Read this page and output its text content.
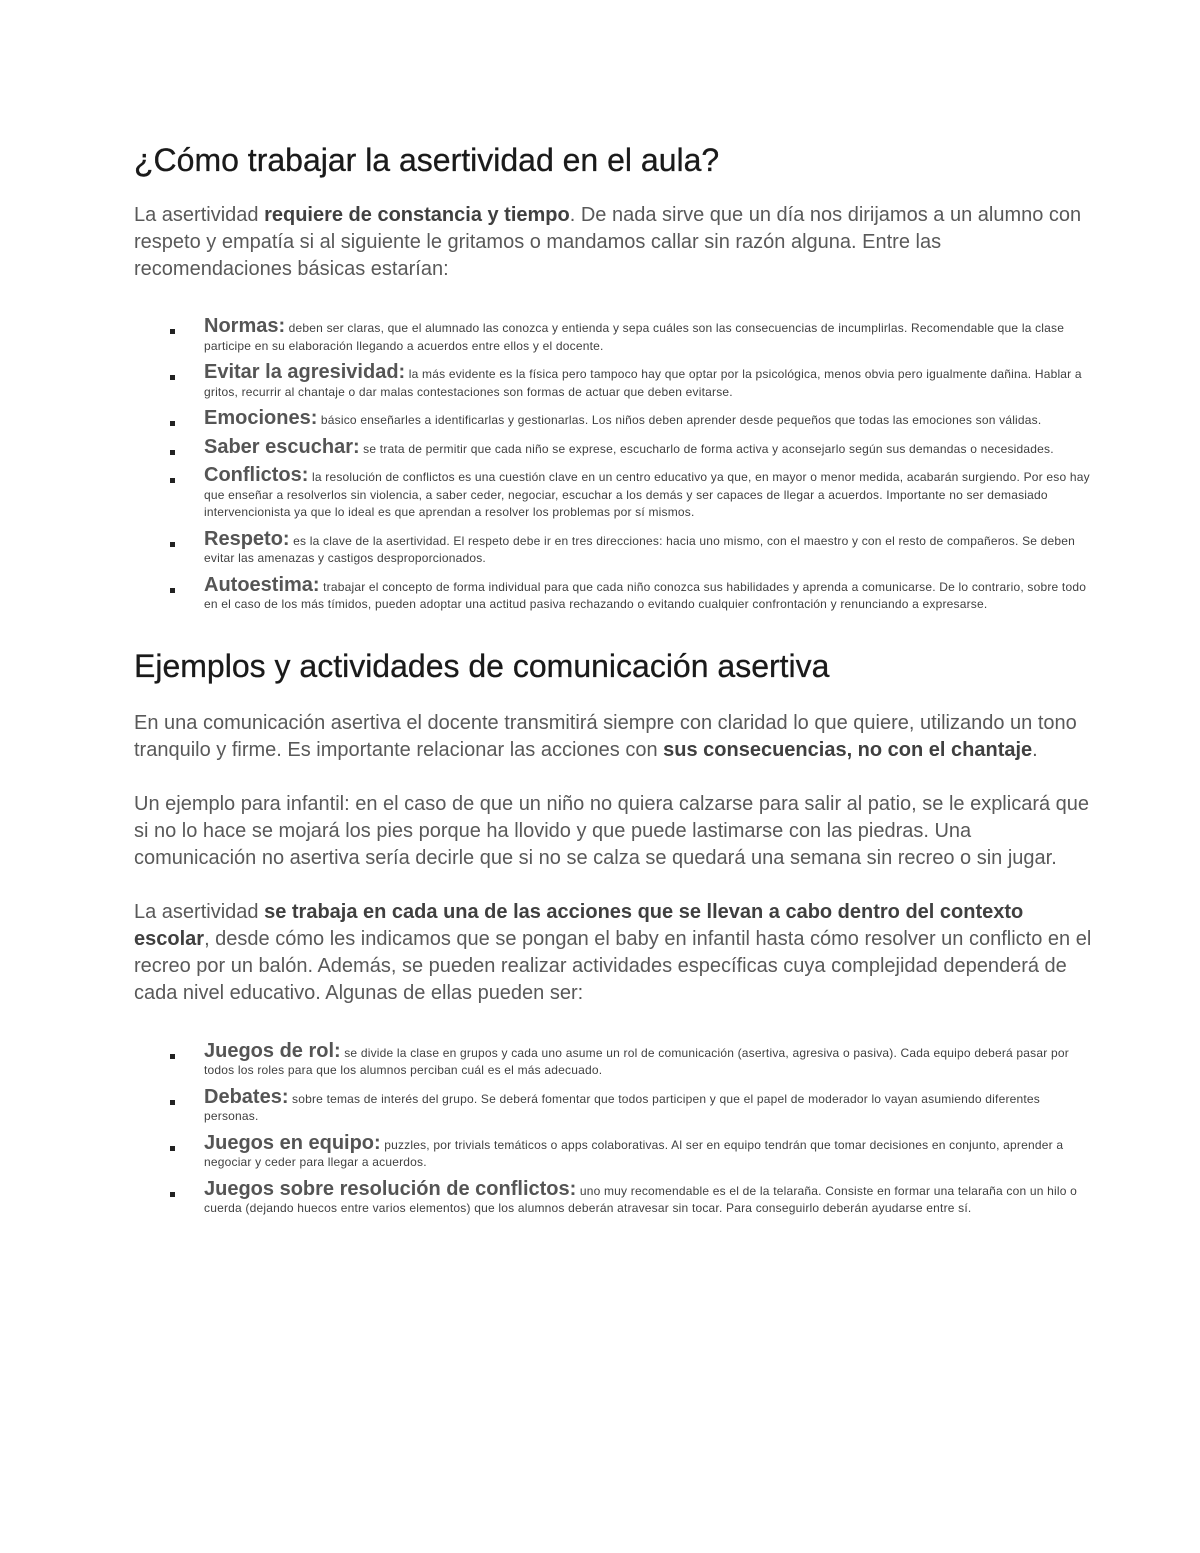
¿Cómo trabajar la asertividad en el aula?

La asertividad requiere de constancia y tiempo. De nada sirve que un día nos dirijamos a un alumno con respeto y empatía si al siguiente le gritamos o mandamos callar sin razón alguna. Entre las recomendaciones básicas estarían:

Normas: deben ser claras, que el alumnado las conozca y entienda y sepa cuáles son las consecuencias de incumplirlas. Recomendable que la clase participe en su elaboración llegando a acuerdos entre ellos y el docente.
Evitar la agresividad: la más evidente es la física pero tampoco hay que optar por la psicológica, menos obvia pero igualmente dañina. Hablar a gritos, recurrir al chantaje o dar malas contestaciones son formas de actuar que deben evitarse.
Emociones: básico enseñarles a identificarlas y gestionarlas. Los niños deben aprender desde pequeños que todas las emociones son válidas.
Saber escuchar: se trata de permitir que cada niño se exprese, escucharlo de forma activa y aconsejarlo según sus demandas o necesidades.
Conflictos: la resolución de conflictos es una cuestión clave en un centro educativo ya que, en mayor o menor medida, acabarán surgiendo. Por eso hay que enseñar a resolverlos sin violencia, a saber ceder, negociar, escuchar a los demás y ser capaces de llegar a acuerdos. Importante no ser demasiado intervencionista ya que lo ideal es que aprendan a resolver los problemas por sí mismos.
Respeto: es la clave de la asertividad. El respeto debe ir en tres direcciones: hacia uno mismo, con el maestro y con el resto de compañeros. Se deben evitar las amenazas y castigos desproporcionados.
Autoestima: trabajar el concepto de forma individual para que cada niño conozca sus habilidades y aprenda a comunicarse. De lo contrario, sobre todo en el caso de los más tímidos, pueden adoptar una actitud pasiva rechazando o evitando cualquier confrontación y renunciando a expresarse.
Ejemplos y actividades de comunicación asertiva

En una comunicación asertiva el docente transmitirá siempre con claridad lo que quiere, utilizando un tono tranquilo y firme. Es importante relacionar las acciones con sus consecuencias, no con el chantaje.

Un ejemplo para infantil: en el caso de que un niño no quiera calzarse para salir al patio, se le explicará que si no lo hace se mojará los pies porque ha llovido y que puede lastimarse con las piedras. Una comunicación no asertiva sería decirle que si no se calza se quedará una semana sin recreo o sin jugar.

La asertividad se trabaja en cada una de las acciones que se llevan a cabo dentro del contexto escolar, desde cómo les indicamos que se pongan el baby en infantil hasta cómo resolver un conflicto en el recreo por un balón. Además, se pueden realizar actividades específicas cuya complejidad dependerá de cada nivel educativo. Algunas de ellas pueden ser:

Juegos de rol: se divide la clase en grupos y cada uno asume un rol de comunicación (asertiva, agresiva o pasiva). Cada equipo deberá pasar por todos los roles para que los alumnos perciban cuál es el más adecuado.
Debates: sobre temas de interés del grupo. Se deberá fomentar que todos participen y que el papel de moderador lo vayan asumiendo diferentes personas.
Juegos en equipo: puzzles, por trivials temáticos o apps colaborativas. Al ser en equipo tendrán que tomar decisiones en conjunto, aprender a negociar y ceder para llegar a acuerdos.
Juegos sobre resolución de conflictos: uno muy recomendable es el de la telaraña. Consiste en formar una telaraña con un hilo o cuerda (dejando huecos entre varios elementos) que los alumnos deberán atravesar sin tocar. Para conseguirlo deberán ayudarse entre sí.
